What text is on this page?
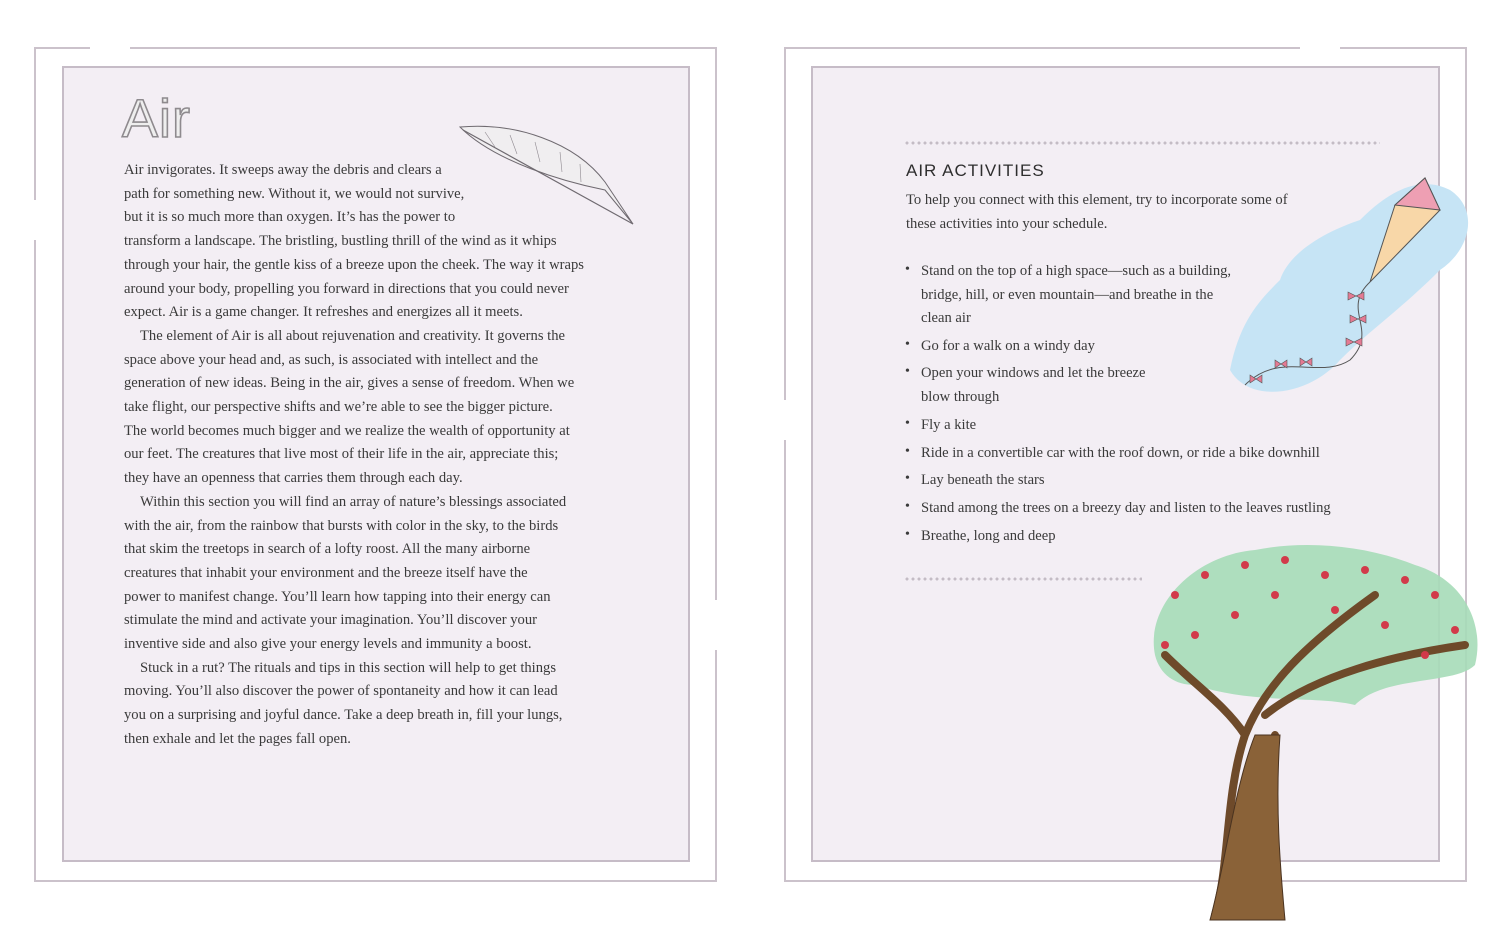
Air
Air invigorates. It sweeps away the debris and clears a
path for something new. Without it, we would not survive,
but it is so much more than oxygen. It’s has the power to
transform a landscape. The bristling, bustling thrill of the wind as it whips
through your hair, the gentle kiss of a breeze upon the cheek. The way it wraps
around your body, propelling you forward in directions that you could never
expect. Air is a game changer. It refreshes and energizes all it meets.
The element of Air is all about rejuvenation and creativity. It governs the
space above your head and, as such, is associated with intellect and the
generation of new ideas. Being in the air, gives a sense of freedom. When we
take flight, our perspective shifts and we’re able to see the bigger picture.
The world becomes much bigger and we realize the wealth of opportunity at
our feet. The creatures that live most of their life in the air, appreciate this;
they have an openness that carries them through each day.
Within this section you will find an array of nature’s blessings associated
with the air, from the rainbow that bursts with color in the sky, to the birds
that skim the treetops in search of a lofty roost. All the many airborne
creatures that inhabit your environment and the breeze itself have the
power to manifest change. You’ll learn how tapping into their energy can
stimulate the mind and activate your imagination. You’ll discover your
inventive side and also give your energy levels and immunity a boost.
Stuck in a rut? The rituals and tips in this section will help to get things
moving. You’ll also discover the power of spontaneity and how it can lead
you on a surprising and joyful dance. Take a deep breath in, fill your lungs,
then exhale and let the pages fall open.
AIR ACTIVITIES
To help you connect with this element, try to incorporate some of
these activities into your schedule.
• Stand on the top of a high space—such as a building,
bridge, hill, or even mountain—and breathe in the
clean air
• Go for a walk on a windy day
• Open your windows and let the breeze
blow through
• Fly a kite
• Ride in a convertible car with the roof down, or ride a bike downhill
• Lay beneath the stars
• Stand among the trees on a breezy day and listen to the leaves rustling
• Breathe, long and deep
